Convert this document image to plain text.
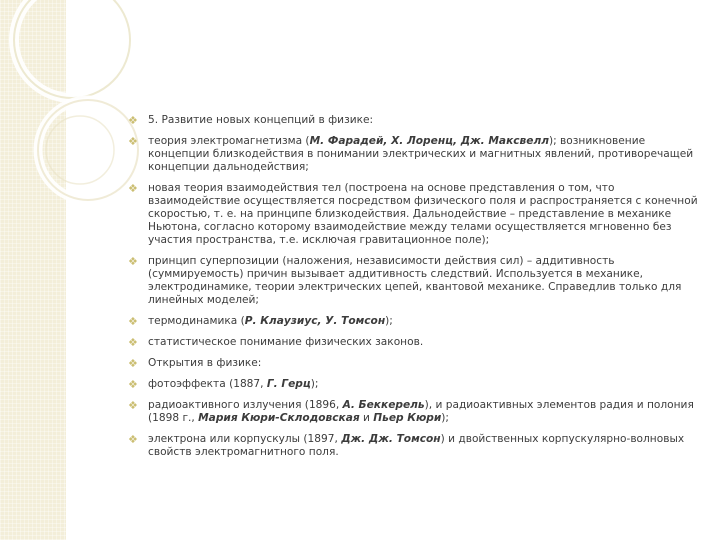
❖ 5. Развитие новых концепций в физике:
❖ теория электромагнетизма (М. Фарадей, Х. Лоренц, Дж. Максвелл); возникновение концепции близкодействия в понимании электрических и магнитных явлений, противоречащей концепции дальнодействия;
❖ новая теория взаимодействия тел (построена на основе представления о том, что взаимодействие осуществляется посредством физического поля и распространяется с конечной скоростью, т. е. на принципе близкодействия. Дальнодействие – представление в механике Ньютона, согласно которому взаимодействие между телами осуществляется мгновенно без участия пространства, т.е. исключая гравитационное поле);
❖ принцип суперпозиции (наложения, независимости действия сил) – аддитивность (суммируемость) причин вызывает аддитивность следствий. Используется в механике, электродинамике, теории электрических цепей, квантовой механике. Справедлив только для линейных моделей;
❖ термодинамика (Р. Клаузиус, У. Томсон);
❖ статистическое понимание физических законов.
❖ Открытия в физике:
❖ фотоэффекта (1887, Г. Герц);
❖ радиоактивного излучения (1896, А. Беккерель), и радиоактивных элементов радия и полония (1898 г., Мария Кюри-Склодовская и Пьер Кюри);
❖ электрона или корпускулы (1897, Дж. Дж. Томсон) и двойственных корпускулярно-волновых свойств электромагнитного поля.
